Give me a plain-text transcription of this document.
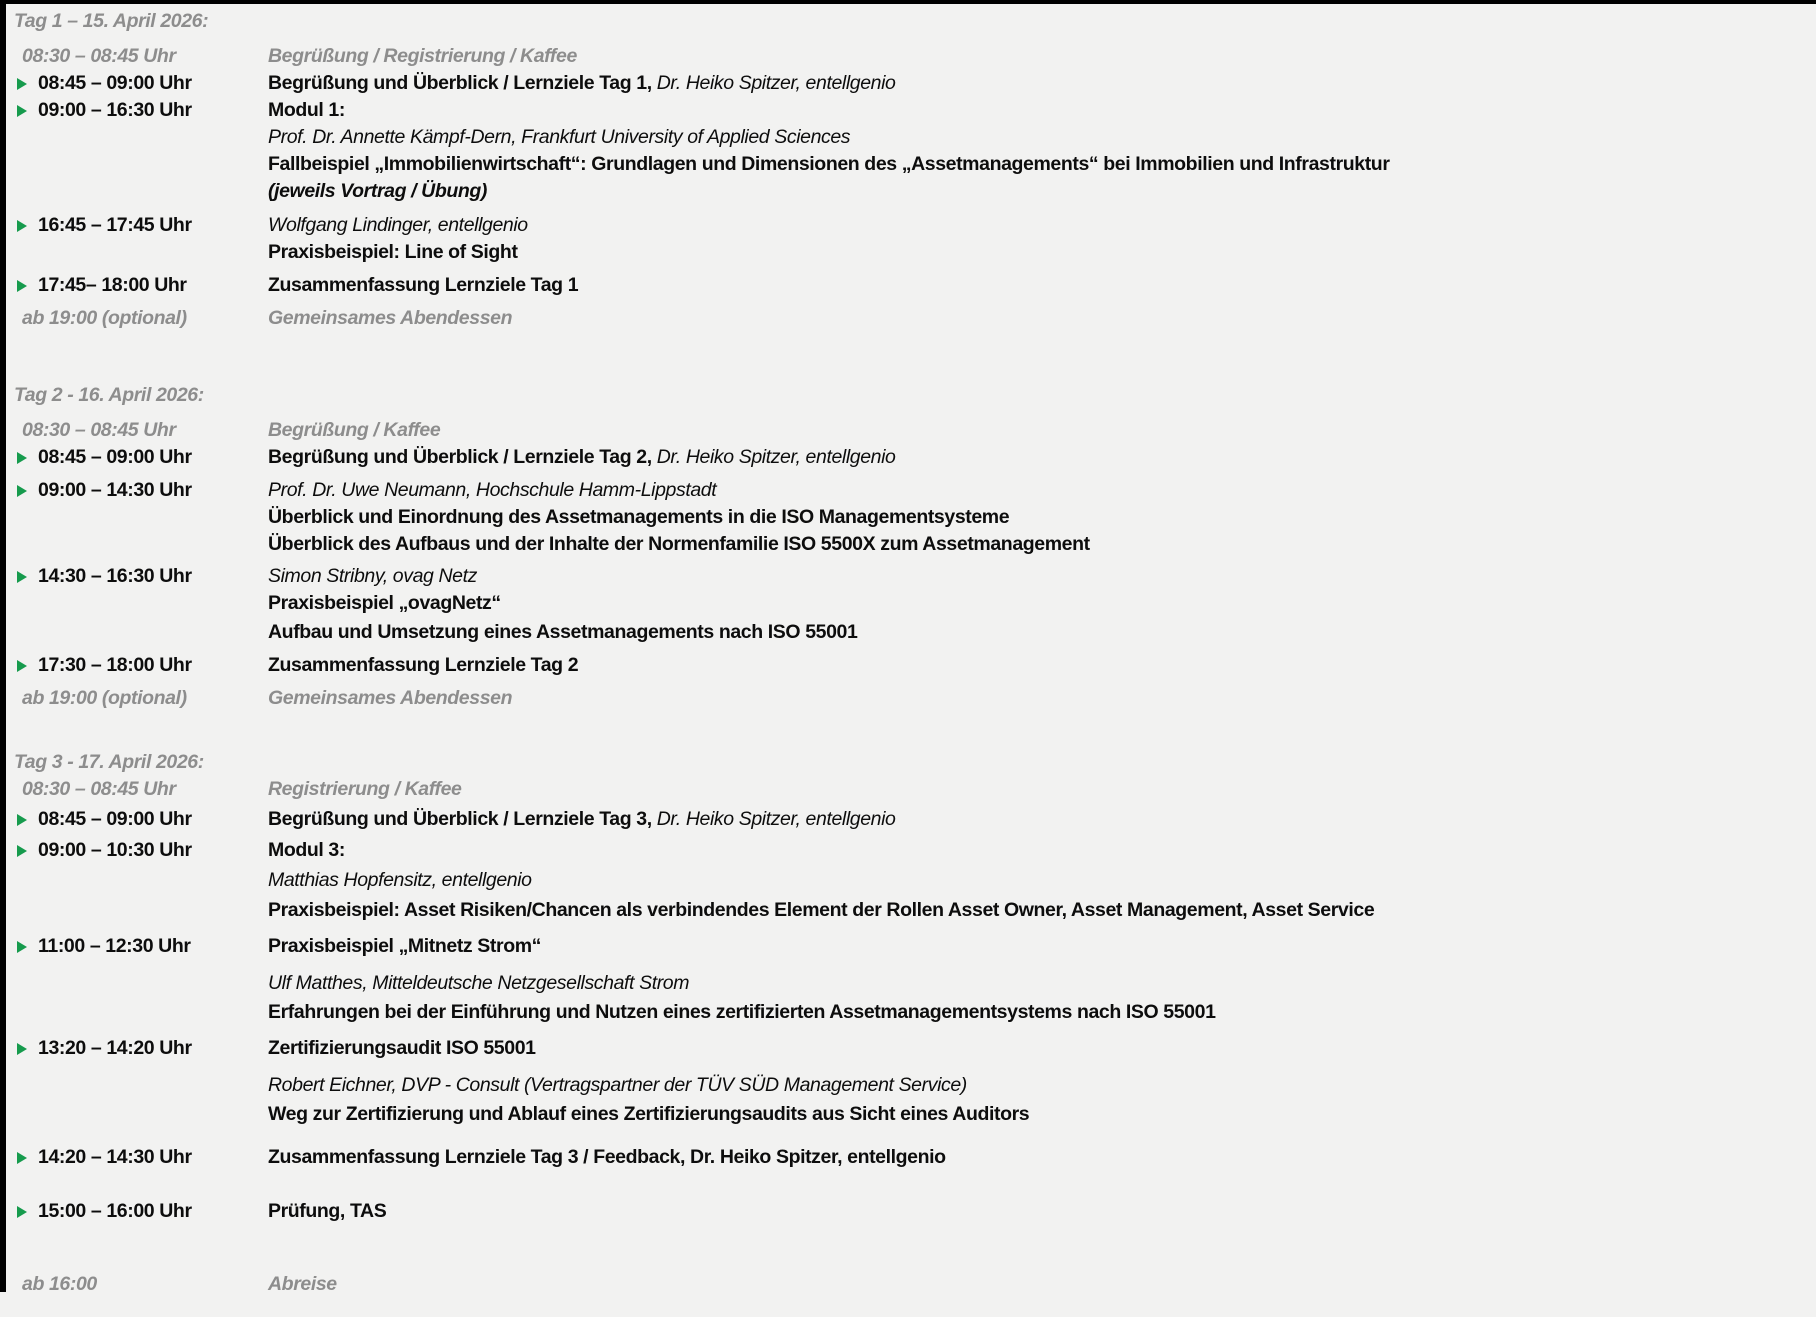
Tag 1 – 15. April 2026:
08:30 – 08:45 Uhr	Begrüßung / Registrierung / Kaffee
08:45 – 09:00 Uhr	Begrüßung und Überblick / Lernziele Tag 1, Dr. Heiko Spitzer, entellgenio
09:00 – 16:30 Uhr	Modul 1:
Prof. Dr. Annette Kämpf-Dern, Frankfurt University of Applied Sciences
Fallbeispiel „Immobilienwirtschaft“: Grundlagen und Dimensionen des „Assetmanagements“ bei Immobilien und Infrastruktur
(jeweils Vortrag / Übung)
16:45 – 17:45 Uhr	Wolfgang Lindinger, entellgenio
Praxisbeispiel: Line of Sight
17:45– 18:00 Uhr	Zusammenfassung Lernziele Tag 1
ab 19:00 (optional)	Gemeinsames Abendessen
Tag 2 - 16. April 2026:
08:30 – 08:45 Uhr	Begrüßung / Kaffee
08:45 – 09:00 Uhr	Begrüßung und Überblick / Lernziele Tag 2, Dr. Heiko Spitzer, entellgenio
09:00 – 14:30 Uhr	Prof. Dr. Uwe Neumann, Hochschule Hamm-Lippstadt
Überblick und Einordnung des Assetmanagements in die ISO Managementsysteme
Überblick des Aufbaus und der Inhalte der Normenfamilie ISO 5500X zum Assetmanagement
14:30 – 16:30 Uhr	Simon Stribny, ovag Netz
Praxisbeispiel „ovagNetz“
Aufbau und Umsetzung eines Assetmanagements nach ISO 55001
17:30 – 18:00 Uhr	Zusammenfassung Lernziele Tag 2
ab 19:00 (optional)	Gemeinsames Abendessen
Tag 3 - 17. April 2026:
08:30 – 08:45 Uhr	Registrierung / Kaffee
08:45 – 09:00 Uhr	Begrüßung und Überblick / Lernziele Tag 3, Dr. Heiko Spitzer, entellgenio
09:00 – 10:30 Uhr	Modul 3:
Matthias Hopfensitz, entellgenio
Praxisbeispiel: Asset Risiken/Chancen als verbindendes Element der Rollen Asset Owner, Asset Management, Asset Service
11:00 – 12:30 Uhr	Praxisbeispiel „Mitnetz Strom“
Ulf Matthes, Mitteldeutsche Netzgesellschaft Strom
Erfahrungen bei der Einführung und Nutzen eines zertifizierten Assetmanagementsystems nach ISO 55001
13:20 – 14:20 Uhr	Zertifizierungsaudit ISO 55001
Robert Eichner, DVP - Consult (Vertragspartner der TÜV SÜD Management Service)
Weg zur Zertifizierung und Ablauf eines Zertifizierungsaudits aus Sicht eines Auditors
14:20 – 14:30 Uhr	Zusammenfassung Lernziele Tag 3 / Feedback, Dr. Heiko Spitzer, entellgenio
15:00 – 16:00 Uhr	Prüfung, TAS
ab 16:00	Abreise
